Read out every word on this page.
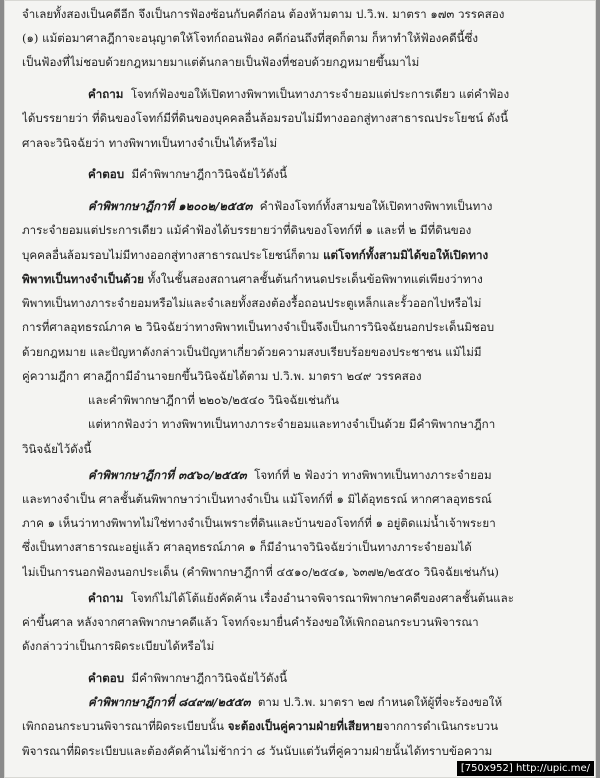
จำเลยทั้งสองเป็นคดีอีก จึงเป็นการฟ้องซ้อนกับคดีก่อน ต้องห้ามตาม ป.วิ.พ. มาตรา ๑๗๓ วรรคสอง
(๑) แม้ต่อมาศาลฎีกาจะอนุญาตให้โจทก์ถอนฟ้อง คดีก่อนถึงที่สุดก็ตาม ก็หาทำให้ฟ้องคดีนี้ซึ่ง
เป็นฟ้องที่ไม่ชอบด้วยกฎหมายมาแต่ต้นกลายเป็นฟ้องที่ชอบด้วยกฎหมายขึ้นมาไม่
คำถาม โจทก์ฟ้องขอให้เปิดทางพิพาทเป็นทางภาระจำยอมแต่ประการเดียว แต่คำฟ้อง
ได้บรรยายว่า ที่ดินของโจทก์มีที่ดินของบุคคลอื่นล้อมรอบไม่มีทางออกสู่ทางสาธารณประโยชน์ ดังนี้
ศาลจะวินิจฉัยว่า ทางพิพาทเป็นทางจำเป็นได้หรือไม่
คำตอบ มีคำพิพากษาฎีกาวินิจฉัยไว้ดังนี้
คำพิพากษาฎีกาที่ ๑๒๐๐๒/๒๕๕๓ คำฟ้องโจทก์ทั้งสามขอให้เปิดทางพิพาทเป็นทาง
ภาระจำยอมแต่ประการเดียว แม้คำฟ้องได้บรรยายว่าที่ดินของโจทก์ที่ ๑ และที่ ๒ มีที่ดินของ
บุคคลอื่นล้อมรอบไม่มีทางออกสู่ทางสาธารณประโยชน์ก็ตาม แต่โจทก์ทั้งสามมิได้ขอให้เปิดทาง
พิพาทเป็นทางจำเป็นด้วย ทั้งในชั้นสองสถานศาลชั้นต้นกำหนดประเด็นข้อพิพาทแต่เพียงว่าทาง
พิพาทเป็นทางภาระจำยอมหรือไม่และจำเลยทั้งสองต้องรื้อถอนประตูเหล็กและรั้วออกไปหรือไม่
การที่ศาลอุทธรณ์ภาค ๒ วินิจฉัยว่าทางพิพาทเป็นทางจำเป็นจึงเป็นการวินิจฉัยนอกประเด็นมิชอบ
ด้วยกฎหมาย และปัญหาดังกล่าวเป็นปัญหาเกี่ยวด้วยความสงบเรียบร้อยของประชาชน แม้ไม่มี
คู่ความฎีกา ศาลฎีกามีอำนาจยกขึ้นวินิจฉัยได้ตาม ป.วิ.พ. มาตรา ๒๔๙ วรรคสอง
และคำพิพากษาฎีกาที่ ๒๒๐๖/๒๕๔๐ วินิจฉัยเช่นกัน
แต่หากฟ้องว่า ทางพิพาทเป็นทางภาระจำยอมและทางจำเป็นด้วย มีคำพิพากษาฎีกา
วินิจฉัยไว้ดังนี้
คำพิพากษาฎีกาที่ ๓๕๖๐/๒๕๕๓ โจทก์ที่ ๒ ฟ้องว่า ทางพิพาทเป็นทางภาระจำยอม
และทางจำเป็น ศาลชั้นต้นพิพากษาว่าเป็นทางจำเป็น แม้โจทก์ที่ ๑ มิได้อุทธรณ์ หากศาลอุทธรณ์
ภาค ๑ เห็นว่าทางพิพาทไม่ใช่ทางจำเป็นเพราะที่ดินและบ้านของโจทก์ที่ ๑ อยู่ติดแม่น้ำเจ้าพระยา
ซึ่งเป็นทางสาธารณะอยู่แล้ว ศาลอุทธรณ์ภาค ๑ ก็มีอำนาจวินิจฉัยว่าเป็นทางภาระจำยอมได้
ไม่เป็นการนอกฟ้องนอกประเด็น (คำพิพากษาฎีกาที่ ๔๕๑๐/๒๕๔๑, ๖๓๗๒/๒๕๕๐ วินิจฉัยเช่นกัน)
คำถาม โจทก์ไม่ได้โต้แย้งคัดค้าน เรื่องอำนาจพิจารณาพิพากษาคดีของศาลชั้นต้นและ
ค่าขึ้นศาล หลังจากศาลพิพากษาคดีแล้ว โจทก์จะมายื่นคำร้องขอให้เพิกถอนกระบวนพิจารณา
ดังกล่าวว่าเป็นการผิดระเบียบได้หรือไม่
คำตอบ มีคำพิพากษาฎีกาวินิจฉัยไว้ดังนี้
คำพิพากษาฎีกาที่ ๘๔๙๗/๒๕๕๓ ตาม ป.วิ.พ. มาตรา ๒๗ กำหนดให้ผู้ที่จะร้องขอให้
เพิกถอนกระบวนพิจารณาที่ผิดระเบียบนั้น จะต้องเป็นคู่ความฝ่ายที่เสียหายจากการดำเนินกระบวน
พิจารณาที่ผิดระเบียบและต้องคัดค้านไม่ช้ากว่า ๘ วันนับแต่วันที่คู่ความฝ่ายนั้นได้ทราบข้อความ
[750x952] http://upic.me/
